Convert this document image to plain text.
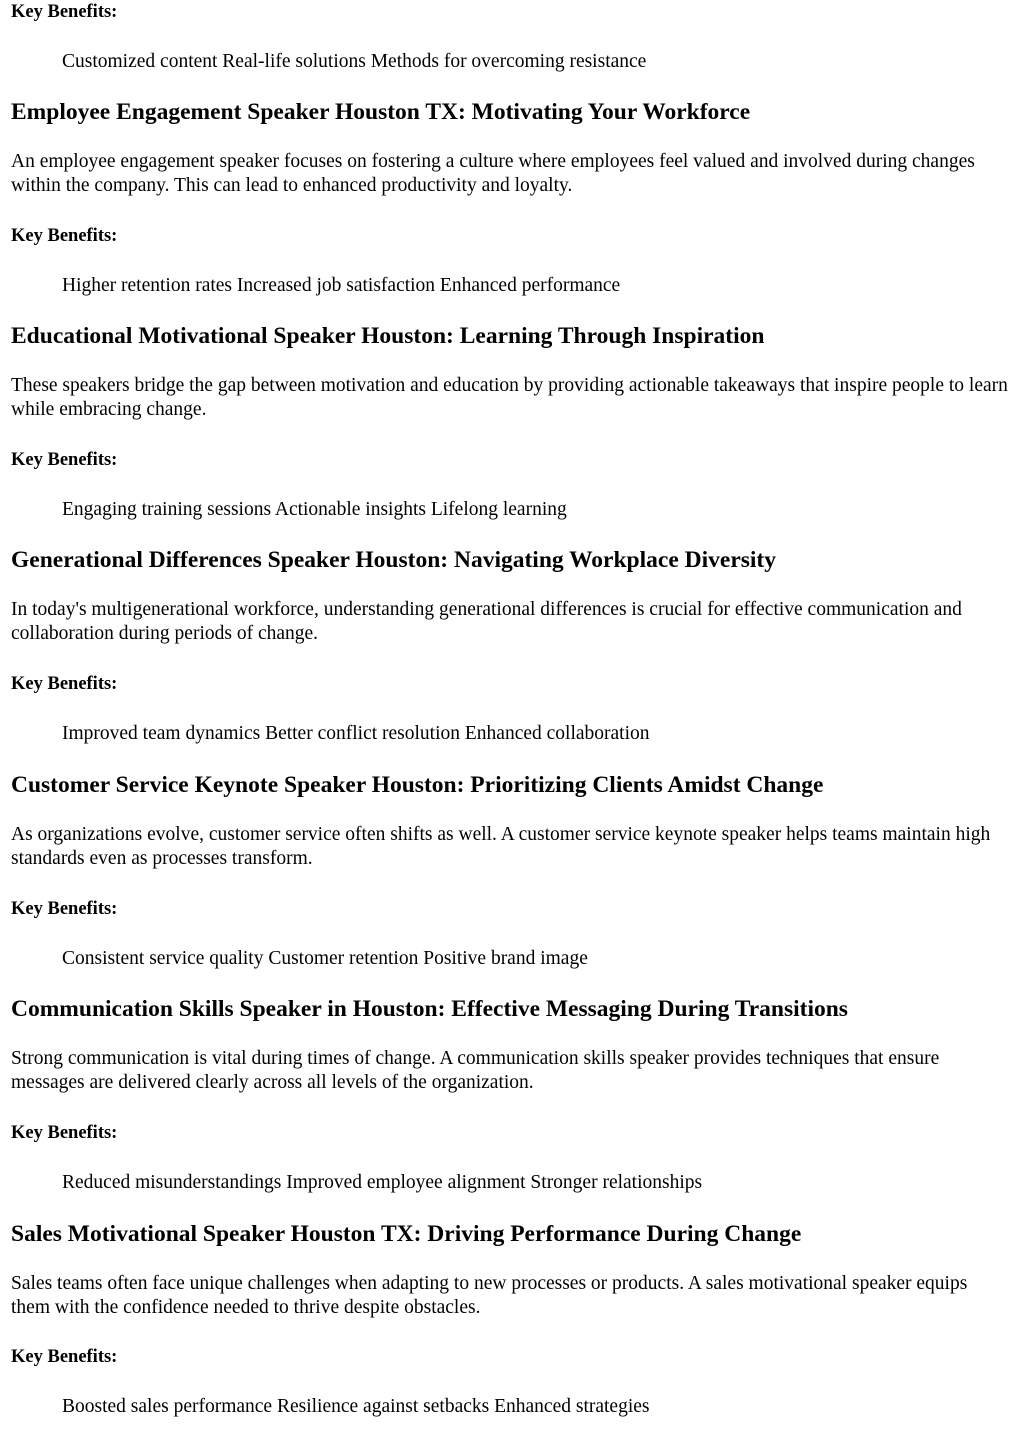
Key Benefits:

Customized content Real-life solutions Methods for overcoming resistance

Employee Engagement Speaker Houston TX: Motivating Your Workforce

An employee engagement speaker focuses on fostering a culture where employees feel valued and involved during changes within the company. This can lead to enhanced productivity and loyalty.

Key Benefits:

Higher retention rates Increased job satisfaction Enhanced performance

Educational Motivational Speaker Houston: Learning Through Inspiration

These speakers bridge the gap between motivation and education by providing actionable takeaways that inspire people to learn while embracing change.

Key Benefits:

Engaging training sessions Actionable insights Lifelong learning

Generational Differences Speaker Houston: Navigating Workplace Diversity

In today's multigenerational workforce, understanding generational differences is crucial for effective communication and collaboration during periods of change.

Key Benefits:

Improved team dynamics Better conflict resolution Enhanced collaboration

Customer Service Keynote Speaker Houston: Prioritizing Clients Amidst Change

As organizations evolve, customer service often shifts as well. A customer service keynote speaker helps teams maintain high standards even as processes transform.

Key Benefits:

Consistent service quality Customer retention Positive brand image

Communication Skills Speaker in Houston: Effective Messaging During Transitions

Strong communication is vital during times of change. A communication skills speaker provides techniques that ensure messages are delivered clearly across all levels of the organization.

Key Benefits:

Reduced misunderstandings Improved employee alignment Stronger relationships

Sales Motivational Speaker Houston TX: Driving Performance During Change

Sales teams often face unique challenges when adapting to new processes or products. A sales motivational speaker equips them with the confidence needed to thrive despite obstacles.

Key Benefits:

Boosted sales performance Resilience against setbacks Enhanced strategies
